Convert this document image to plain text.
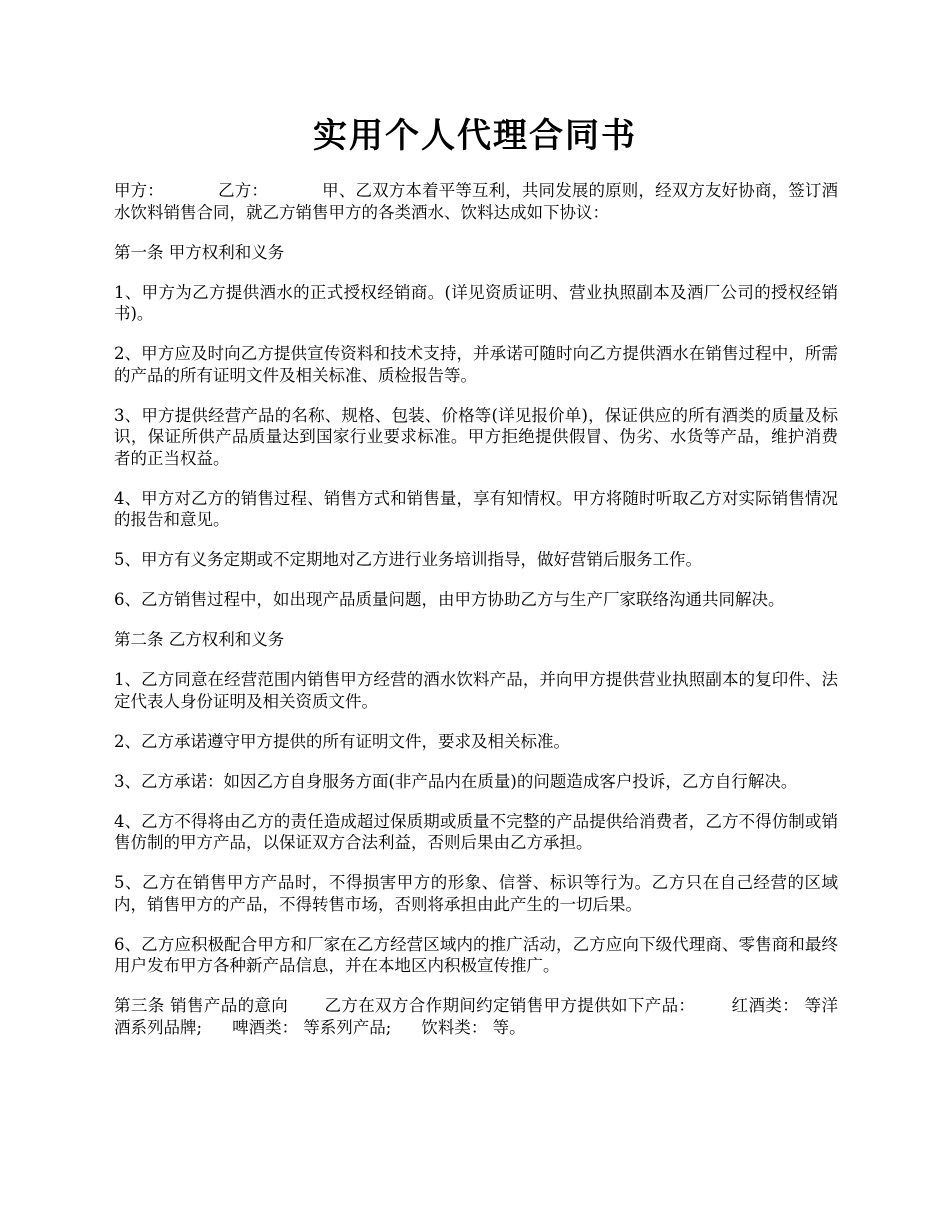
实用个人代理合同书

甲方：	乙方：	甲、乙双方本着平等互利，共同发展的原则，经双方友好协商，签订酒水饮料销售合同，就乙方销售甲方的各类酒水、饮料达成如下协议：

第一条 甲方权利和义务

1、甲方为乙方提供酒水的正式授权经销商。(详见资质证明、营业执照副本及酒厂公司的授权经销书)。

2、甲方应及时向乙方提供宣传资料和技术支持，并承诺可随时向乙方提供酒水在销售过程中，所需的产品的所有证明文件及相关标准、质检报告等。

3、甲方提供经营产品的名称、规格、包装、价格等(详见报价单)，保证供应的所有酒类的质量及标识，保证所供产品质量达到国家行业要求标准。甲方拒绝提供假冒、伪劣、水货等产品，维护消费者的正当权益。

4、甲方对乙方的销售过程、销售方式和销售量，享有知情权。甲方将随时听取乙方对实际销售情况的报告和意见。

5、甲方有义务定期或不定期地对乙方进行业务培训指导，做好营销后服务工作。

6、乙方销售过程中，如出现产品质量问题，由甲方协助乙方与生产厂家联络沟通共同解决。

第二条 乙方权利和义务

1、乙方同意在经营范围内销售甲方经营的酒水饮料产品，并向甲方提供营业执照副本的复印件、法定代表人身份证明及相关资质文件。

2、乙方承诺遵守甲方提供的所有证明文件，要求及相关标准。

3、乙方承诺：如因乙方自身服务方面(非产品内在质量)的问题造成客户投诉，乙方自行解决。

4、乙方不得将由乙方的责任造成超过保质期或质量不完整的产品提供给消费者，乙方不得仿制或销售仿制的甲方产品，以保证双方合法利益，否则后果由乙方承担。

5、乙方在销售甲方产品时，不得损害甲方的形象、信誉、标识等行为。乙方只在自己经营的区域内，销售甲方的产品，不得转售市场，否则将承担由此产生的一切后果。

6、乙方应积极配合甲方和厂家在乙方经营区域内的推广活动，乙方应向下级代理商、零售商和最终用户发布甲方各种新产品信息，并在本地区内积极宣传推广。

第三条 销售产品的意向 乙方在双方合作期间约定销售甲方提供如下产品： 红酒类： 等洋酒系列品牌; 啤酒类： 等系列产品; 饮料类： 等。
